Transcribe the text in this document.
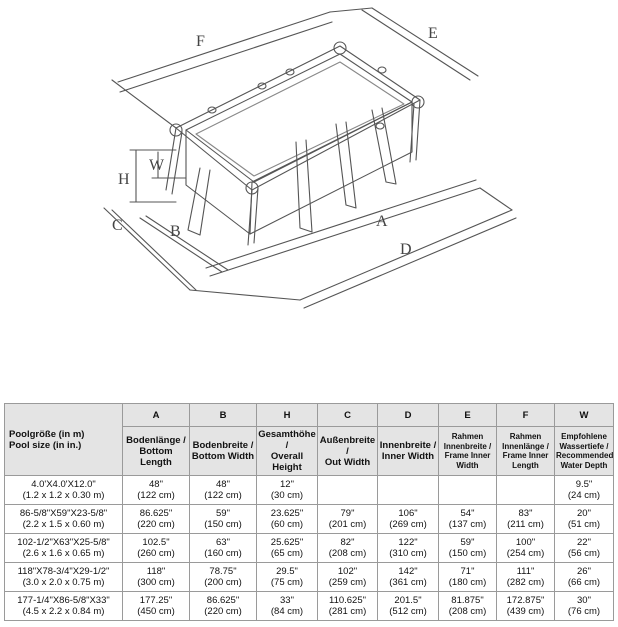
F	E
H
W
C	B
A
D
Poolgröße (in m)
Pool size (in in.)	A	B	H	C	D	E	F	W

	Bodenlänge /
Bottom Length	Bodenbreite /
Bottom Width	Gesamthöhe /
Overall Height	Außenbreite /
Out Width	Innenbreite /
Inner Width	Rahmen
Innenbreite /
Frame Inner
Width	Rahmen
Innenlänge /
Frame Inner
Length	Empfohlene
Wassertiefe /
Recommended
Water Depth

4.0'X4.0'X12.0"
(1.2 x 1.2 x 0.30 m)	48"
(122 cm)	48"
(122 cm)	12"
(30 cm)					9.5"
(24 cm)

86-5/8"X59"X23-5/8"
(2.2 x 1.5 x 0.60 m)	86.625"
(220 cm)	59"
(150 cm)	23.625"
(60 cm)	79"
(201 cm)	106"
(269 cm)	54"
(137 cm)	83"
(211 cm)	20"
(51 cm)

102-1/2"X63"X25-5/8"
(2.6 x 1.6 x 0.65 m)	102.5"
(260 cm)	63"
(160 cm)	25.625"
(65 cm)	82"
(208 cm)	122"
(310 cm)	59"
(150 cm)	100"
(254 cm)	22"
(56 cm)

118"X78-3/4"X29-1/2"
(3.0 x 2.0 x 0.75 m)	118"
(300 cm)	78.75"
(200 cm)	29.5"
(75 cm)	102"
(259 cm)	142"
(361 cm)	71"
(180 cm)	111"
(282 cm)	26"
(66 cm)

177-1/4"X86-5/8"X33"
(4.5 x 2.2 x 0.84 m)	177.25"
(450 cm)	86.625"
(220 cm)	33"
(84 cm)	110.625"
(281 cm)	201.5"
(512 cm)	81.875"
(208 cm)	172.875"
(439 cm)	30"
(76 cm)
